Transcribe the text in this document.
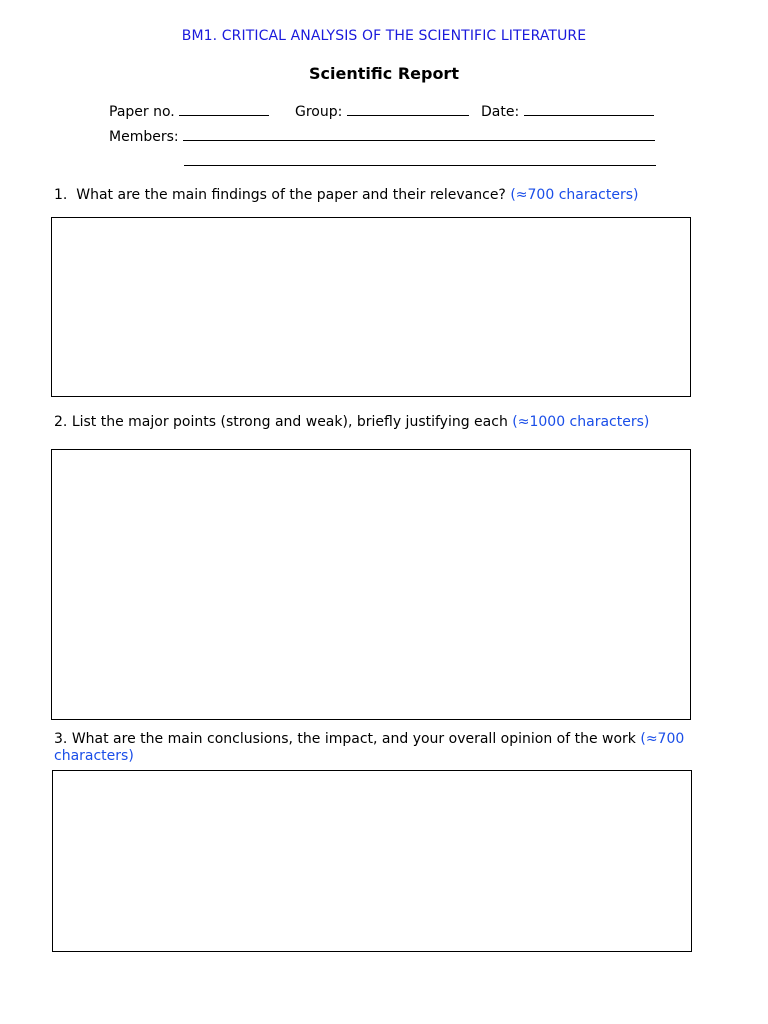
BM1. CRITICAL ANALYSIS OF THE SCIENTIFIC LITERATURE
Scientific Report
Paper no.	Group:	Date:
Members:
1. What are the main findings of the paper and their relevance? (≈700 characters)
2. List the major points (strong and weak), briefly justifying each (≈1000 characters)
3. What are the main conclusions, the impact, and your overall opinion of the work (≈700 characters)
